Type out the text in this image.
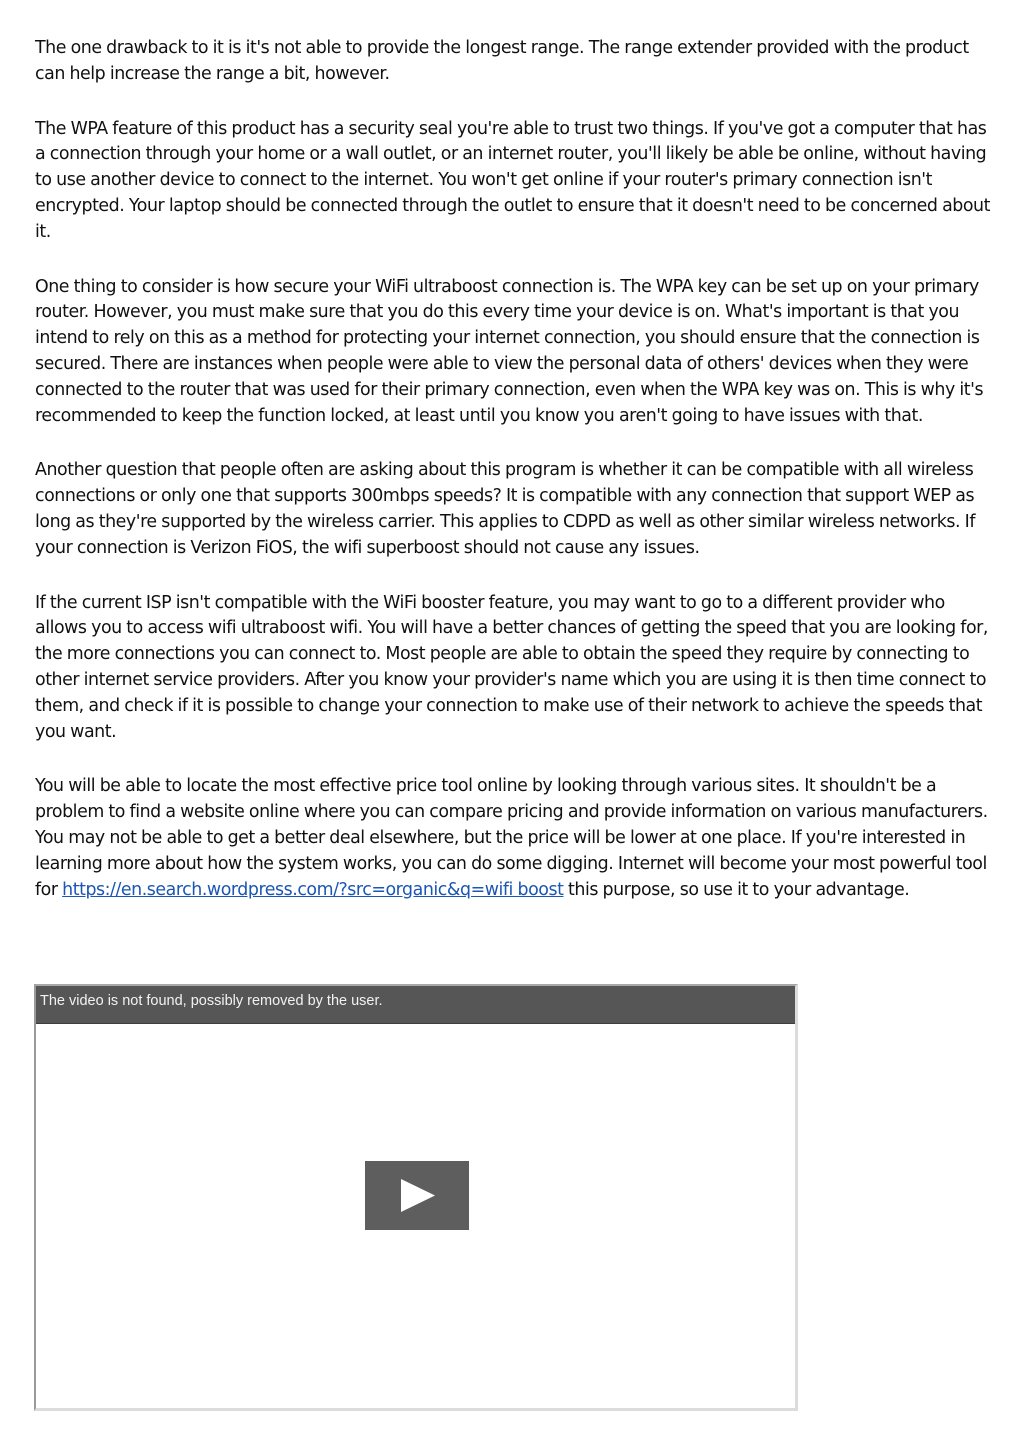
The one drawback to it is it's not able to provide the longest range. The range extender provided with the product can help increase the range a bit, however.

The WPA feature of this product has a security seal you're able to trust two things. If you've got a computer that has a connection through your home or a wall outlet, or an internet router, you'll likely be able be online, without having to use another device to connect to the internet. You won't get online if your router's primary connection isn't encrypted. Your laptop should be connected through the outlet to ensure that it doesn't need to be concerned about it.

One thing to consider is how secure your WiFi ultraboost connection is. The WPA key can be set up on your primary router. However, you must make sure that you do this every time your device is on. What's important is that you intend to rely on this as a method for protecting your internet connection, you should ensure that the connection is secured. There are instances when people were able to view the personal data of others' devices when they were connected to the router that was used for their primary connection, even when the WPA key was on. This is why it's recommended to keep the function locked, at least until you know you aren't going to have issues with that.

Another question that people often are asking about this program is whether it can be compatible with all wireless connections or only one that supports 300mbps speeds? It is compatible with any connection that support WEP as long as they're supported by the wireless carrier. This applies to CDPD as well as other similar wireless networks. If your connection is Verizon FiOS, the wifi superboost should not cause any issues.

If the current ISP isn't compatible with the WiFi booster feature, you may want to go to a different provider who allows you to access wifi ultraboost wifi. You will have a better chances of getting the speed that you are looking for, the more connections you can connect to. Most people are able to obtain the speed they require by connecting to other internet service providers. After you know your provider's name which you are using it is then time connect to them, and check if it is possible to change your connection to make use of their network to achieve the speeds that you want.

You will be able to locate the most effective price tool online by looking through various sites. It shouldn't be a problem to find a website online where you can compare pricing and provide information on various manufacturers. You may not be able to get a better deal elsewhere, but the price will be lower at one place. If you're interested in learning more about how the system works, you can do some digging. Internet will become your most powerful tool for https://en.search.wordpress.com/?src=organic&q=wifi boost this purpose, so use it to your advantage.

The video is not found, possibly removed by the user.
